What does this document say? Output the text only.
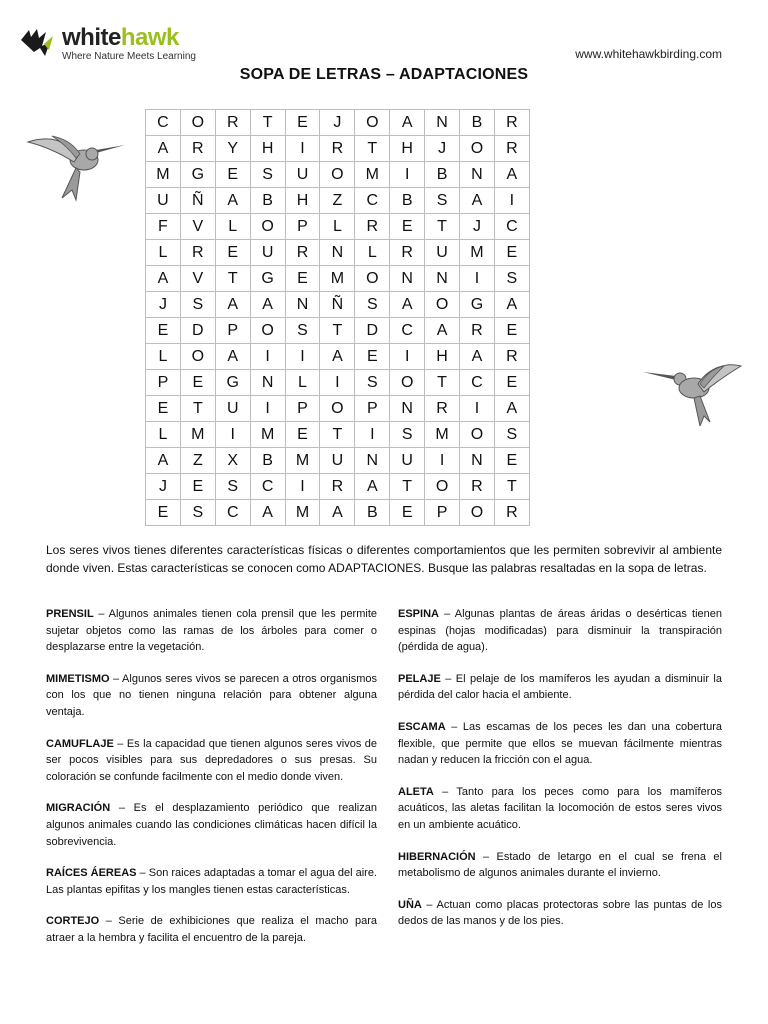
whitehawk
Where Nature Meets Learning	www.whitehawkbirding.com
SOPA DE LETRAS – ADAPTACIONES
C	O	R	T	E	J	O	A	N	B	R
A	R	Y	H	I	R	T	H	J	O	R
M	G	E	S	U	O	M	I	B	N	A
U	Ñ	A	B	H	Z	C	B	S	A	I
F	V	L	O	P	L	R	E	T	J	C
L	R	E	U	R	N	L	R	U	M	E
A	V	T	G	E	M	O	N	N	I	S
J	S	A	A	N	Ñ	S	A	O	G	A
E	D	P	O	S	T	D	C	A	R	E
L	O	A	I	I	A	E	I	H	A	R
P	E	G	N	L	I	S	O	T	C	E
E	T	U	I	P	O	P	N	R	I	A
L	M	I	M	E	T	I	S	M	O	S
A	Z	X	B	M	U	N	U	I	N	E
J	E	S	C	I	R	A	T	O	R	T
E	S	C	A	M	A	B	E	P	O	R

Los seres vivos tienes diferentes características físicas o diferentes comportamientos que les permiten sobrevivir al ambiente donde viven. Estas características se conocen como ADAPTACIONES. Busque las palabras resaltadas en la sopa de letras.

PRENSIL – Algunos animales tienen cola prensil que les permite sujetar objetos como las ramas de los árboles para comer o desplazarse entre la vegetación.

MIMETISMO – Algunos seres vivos se parecen a otros organismos con los que no tienen ninguna relación para obtener alguna ventaja.

CAMUFLAJE – Es la capacidad que tienen algunos seres vivos de ser pocos visibles para sus depredadores o sus presas. Su coloración se confunde facilmente con el medio donde viven.

MIGRACIÓN – Es el desplazamiento periódico que realizan algunos animales cuando las condiciones climáticas hacen difícil la sobrevivencia.

RAÍCES ÁEREAS – Son raices adaptadas a tomar el agua del aire. Las plantas epifitas y los mangles tienen estas características.

CORTEJO – Serie de exhibiciones que realiza el macho para atraer a la hembra y facilita el encuentro de la pareja.

ESPINA – Algunas plantas de áreas áridas o desérticas tienen espinas (hojas modificadas) para disminuir la transpiración (pérdida de agua).

PELAJE – El pelaje de los mamíferos les ayudan a disminuir la pérdida del calor hacia el ambiente.

ESCAMA – Las escamas de los peces les dan una cobertura flexible, que permite que ellos se muevan fácilmente mientras nadan y reducen la fricción con el agua.

ALETA – Tanto para los peces como para los mamíferos acuáticos, las aletas facilitan la locomoción de estos seres vivos en un ambiente acuático.

HIBERNACIÓN – Estado de letargo en el cual se frena el metabolismo de algunos animales durante el invierno.

UÑA – Actuan como placas protectoras sobre las puntas de los dedos de las manos y de los pies.
